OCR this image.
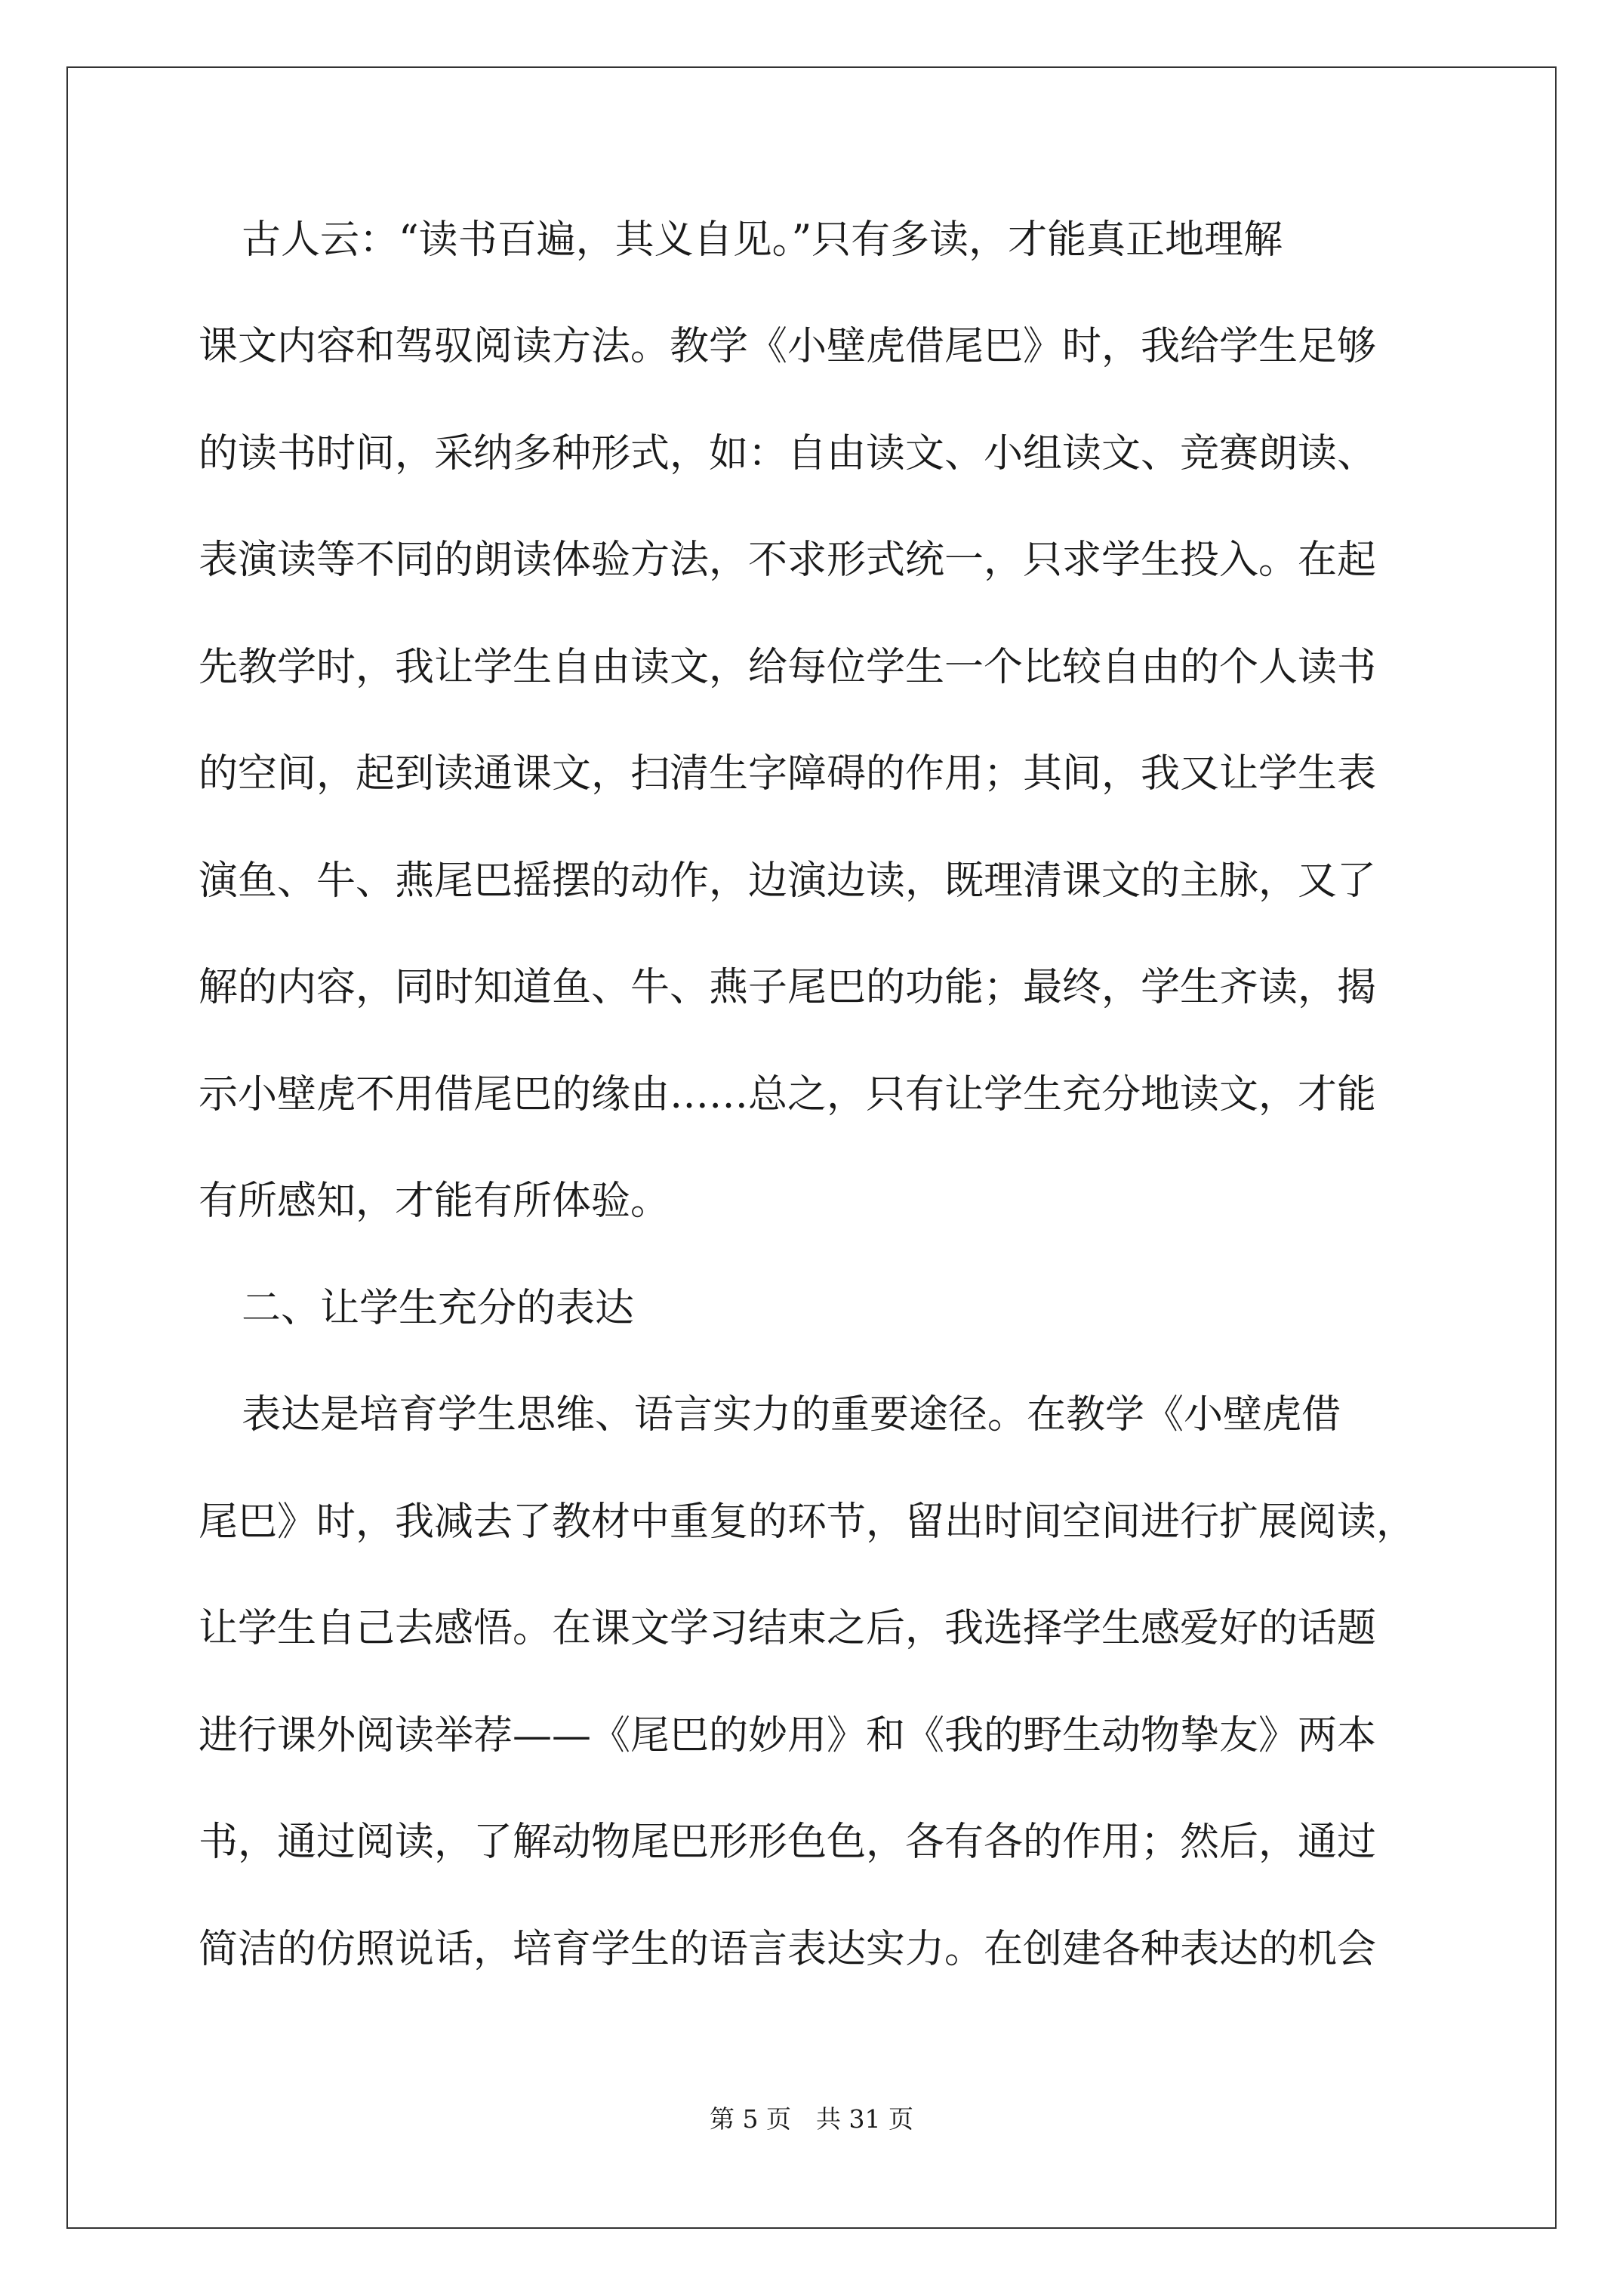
古人云：“读书百遍，其义自见。”只有多读，才能真正地理解
课文内容和驾驭阅读方法。教学《小壁虎借尾巴》时，我给学生足够
的读书时间，采纳多种形式，如：自由读文、小组读文、竞赛朗读、
表演读等不同的朗读体验方法，不求形式统一，只求学生投入。在起
先教学时，我让学生自由读文，给每位学生一个比较自由的个人读书
的空间，起到读通课文，扫清生字障碍的作用；其间，我又让学生表
演鱼、牛、燕尾巴摇摆的动作，边演边读，既理清课文的主脉，又了
解的内容，同时知道鱼、牛、燕子尾巴的功能；最终，学生齐读，揭
示小壁虎不用借尾巴的缘由……总之，只有让学生充分地读文，才能
有所感知，才能有所体验。
二、让学生充分的表达
表达是培育学生思维、语言实力的重要途径。在教学《小壁虎借
尾巴》时，我减去了教材中重复的环节，留出时间空间进行扩展阅读，
让学生自己去感悟。在课文学习结束之后，我选择学生感爱好的话题
进行课外阅读举荐——《尾巴的妙用》和《我的野生动物挚友》两本
书，通过阅读，了解动物尾巴形形色色，各有各的作用；然后，通过
简洁的仿照说话，培育学生的语言表达实力。在创建各种表达的机会
第 5 页　共 31 页
